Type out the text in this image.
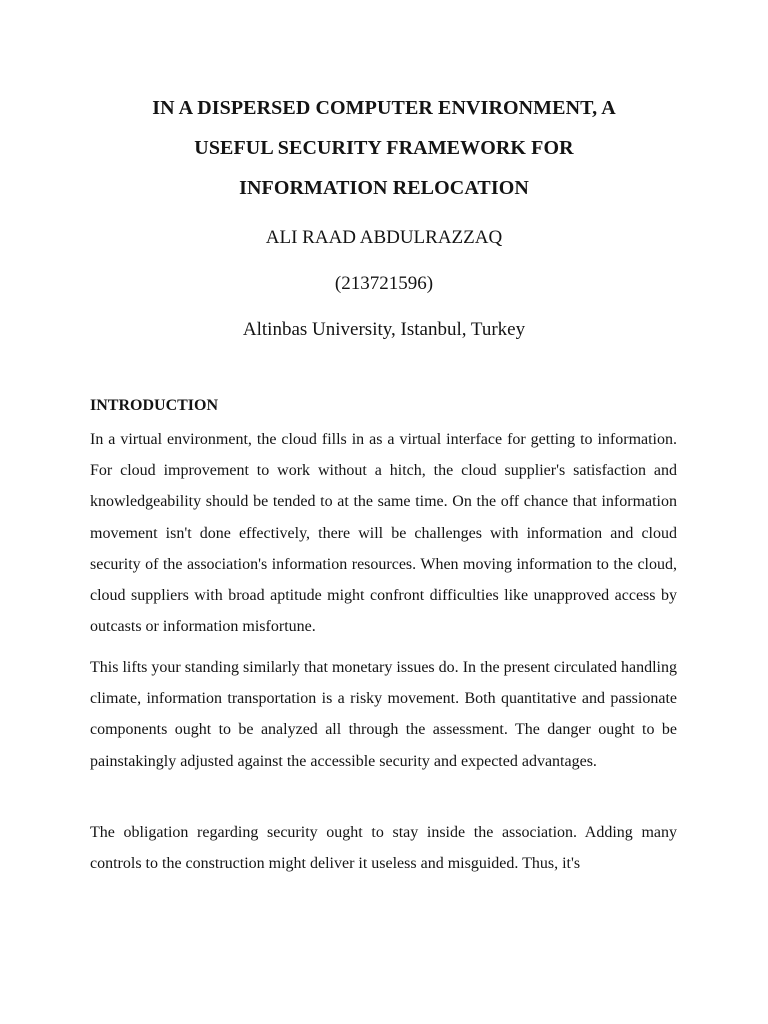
IN A DISPERSED COMPUTER ENVIRONMENT, A
USEFUL SECURITY FRAMEWORK FOR
INFORMATION RELOCATION
ALI RAAD ABDULRAZZAQ
(213721596)
Altinbas University, Istanbul, Turkey
INTRODUCTION

In a virtual environment, the cloud fills in as a virtual interface for getting to information. For cloud improvement to work without a hitch, the cloud supplier's satisfaction and knowledgeability should be tended to at the same time. On the off chance that information movement isn't done effectively, there will be challenges with information and cloud security of the association's information resources. When moving information to the cloud, cloud suppliers with broad aptitude might confront difficulties like unapproved access by outcasts or information misfortune.

This lifts your standing similarly that monetary issues do. In the present circulated handling climate, information transportation is a risky movement. Both quantitative and passionate components ought to be analyzed all through the assessment. The danger ought to be painstakingly adjusted against the accessible security and expected advantages.

The obligation regarding security ought to stay inside the association. Adding many controls to the construction might deliver it useless and misguided. Thus, it's
